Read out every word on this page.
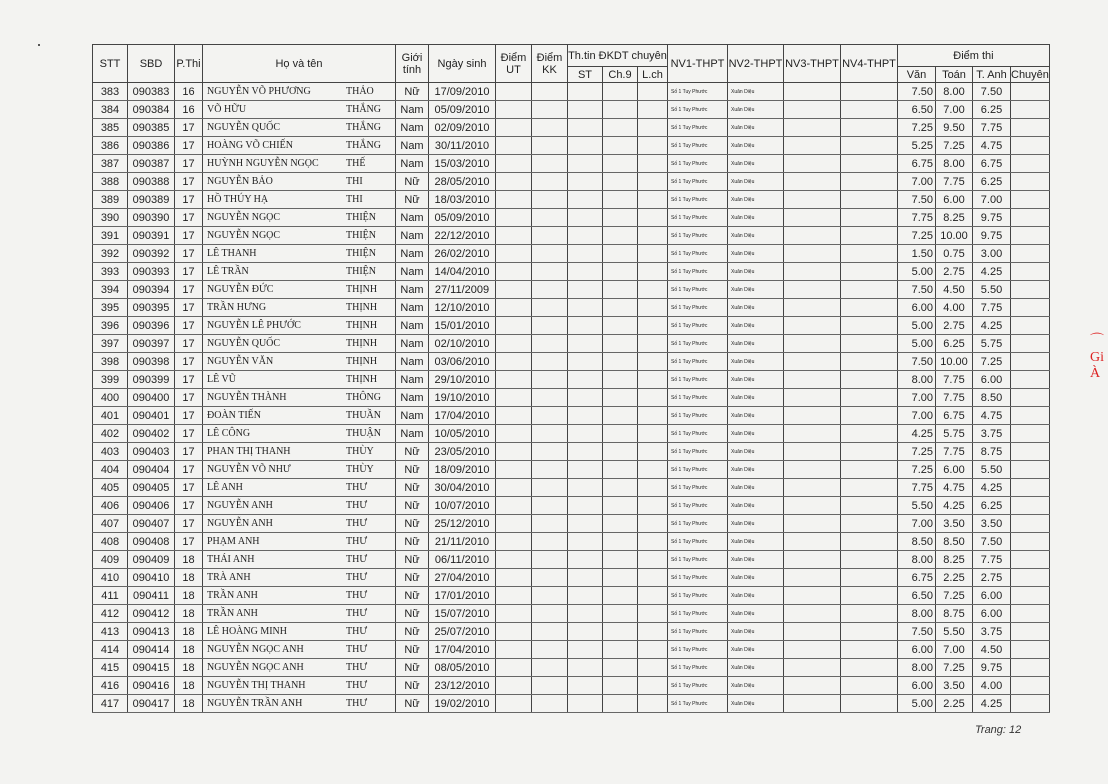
STT	SBD	P.Thi	Họ và tên	Giới tính	Ngày sinh	Điểm UT	Điểm KK	Th.tin ĐKDT chuyên			NV1-THPT	NV2-THPT	NV3-THPT	NV4-THPT	Điểm thi			
								ST	Ch.9	L.ch					Văn	Toán	T. Anh	Chuyên
383	090383	16	NGUYỄN VÕ PHƯƠNG THẢO	Nữ	17/09/2010						Số 1 Tuy Phước	Xuân Diệu			7.50	8.00	7.50	
384	090384	16	VÕ HỮU THẮNG	Nam	05/09/2010						Số 1 Tuy Phước	Xuân Diệu			6.50	7.00	6.25	
385	090385	17	NGUYỄN QUỐC THẮNG	Nam	02/09/2010						Số 1 Tuy Phước	Xuân Diệu			7.25	9.50	7.75	
386	090386	17	HOÀNG VÕ CHIẾN THẮNG	Nam	30/11/2010						Số 1 Tuy Phước	Xuân Diệu			5.25	7.25	4.75	
387	090387	17	HUỲNH NGUYỄN NGỌC THẾ	Nam	15/03/2010						Số 1 Tuy Phước	Xuân Diệu			6.75	8.00	6.75	
388	090388	17	NGUYỄN BẢO THI	Nữ	28/05/2010						Số 1 Tuy Phước	Xuân Diệu			7.00	7.75	6.25	
389	090389	17	HỒ THÚY HẠ THI	Nữ	18/03/2010						Số 1 Tuy Phước	Xuân Diệu			7.50	6.00	7.00	
390	090390	17	NGUYỄN NGỌC THIỆN	Nam	05/09/2010						Số 1 Tuy Phước	Xuân Diệu			7.75	8.25	9.75	
391	090391	17	NGUYỄN NGỌC THIỆN	Nam	22/12/2010						Số 1 Tuy Phước	Xuân Diệu			7.25	10.00	9.75	
392	090392	17	LÊ THANH THIỆN	Nam	26/02/2010						Số 1 Tuy Phước	Xuân Diệu			1.50	0.75	3.00	
393	090393	17	LÊ TRẦN THIỆN	Nam	14/04/2010						Số 1 Tuy Phước	Xuân Diệu			5.00	2.75	4.25	
394	090394	17	NGUYỄN ĐỨC THỊNH	Nam	27/11/2009						Số 1 Tuy Phước	Xuân Diệu			7.50	4.50	5.50	
395	090395	17	TRẦN HƯNG THỊNH	Nam	12/10/2010						Số 1 Tuy Phước	Xuân Diệu			6.00	4.00	7.75	
396	090396	17	NGUYỄN LÊ PHƯỚC THỊNH	Nam	15/01/2010						Số 1 Tuy Phước	Xuân Diệu			5.00	2.75	4.25	
397	090397	17	NGUYỄN QUỐC THỊNH	Nam	02/10/2010						Số 1 Tuy Phước	Xuân Diệu			5.00	6.25	5.75	
398	090398	17	NGUYỄN VĂN THỊNH	Nam	03/06/2010						Số 1 Tuy Phước	Xuân Diệu			7.50	10.00	7.25	
399	090399	17	LÊ VŨ THỊNH	Nam	29/10/2010						Số 1 Tuy Phước	Xuân Diệu			8.00	7.75	6.00	
400	090400	17	NGUYỄN THÀNH THÔNG	Nam	19/10/2010						Số 1 Tuy Phước	Xuân Diệu			7.00	7.75	8.50	
401	090401	17	ĐOÀN TIẾN THUẦN	Nam	17/04/2010						Số 1 Tuy Phước	Xuân Diệu			7.00	6.75	4.75	
402	090402	17	LÊ CÔNG THUẬN	Nam	10/05/2010						Số 1 Tuy Phước	Xuân Diệu			4.25	5.75	3.75	
403	090403	17	PHAN THỊ THANH THÙY	Nữ	23/05/2010						Số 1 Tuy Phước	Xuân Diệu			7.25	7.75	8.75	
404	090404	17	NGUYỄN VÕ NHƯ THÙY	Nữ	18/09/2010						Số 1 Tuy Phước	Xuân Diệu			7.25	6.00	5.50	
405	090405	17	LÊ ANH THƯ	Nữ	30/04/2010						Số 1 Tuy Phước	Xuân Diệu			7.75	4.75	4.25	
406	090406	17	NGUYỄN ANH THƯ	Nữ	10/07/2010						Số 1 Tuy Phước	Xuân Diệu			5.50	4.25	6.25	
407	090407	17	NGUYỄN ANH THƯ	Nữ	25/12/2010						Số 1 Tuy Phước	Xuân Diệu			7.00	3.50	3.50	
408	090408	17	PHẠM ANH THƯ	Nữ	21/11/2010						Số 1 Tuy Phước	Xuân Diệu			8.50	8.50	7.50	
409	090409	18	THÁI ANH THƯ	Nữ	06/11/2010						Số 1 Tuy Phước	Xuân Diệu			8.00	8.25	7.75	
410	090410	18	TRÀ ANH THƯ	Nữ	27/04/2010						Số 1 Tuy Phước	Xuân Diệu			6.75	2.25	2.75	
411	090411	18	TRẦN ANH THƯ	Nữ	17/01/2010						Số 1 Tuy Phước	Xuân Diệu			6.50	7.25	6.00	
412	090412	18	TRẦN ANH THƯ	Nữ	15/07/2010						Số 1 Tuy Phước	Xuân Diệu			8.00	8.75	6.00	
413	090413	18	LÊ HOÀNG MINH THƯ	Nữ	25/07/2010						Số 1 Tuy Phước	Xuân Diệu			7.50	5.50	3.75	
414	090414	18	NGUYỄN NGỌC ANH THƯ	Nữ	17/04/2010						Số 1 Tuy Phước	Xuân Diệu			6.00	7.00	4.50	
415	090415	18	NGUYỄN NGỌC ANH THƯ	Nữ	08/05/2010						Số 1 Tuy Phước	Xuân Diệu			8.00	7.25	9.75	
416	090416	18	NGUYỄN THỊ THANH THƯ	Nữ	23/12/2010						Số 1 Tuy Phước	Xuân Diệu			6.00	3.50	4.00	
417	090417	18	NGUYỄN TRẦN ANH THƯ	Nữ	19/02/2010						Số 1 Tuy Phước	Xuân Diệu			5.00	2.25	4.25	
Trang: 12
⌒
Gi
À
